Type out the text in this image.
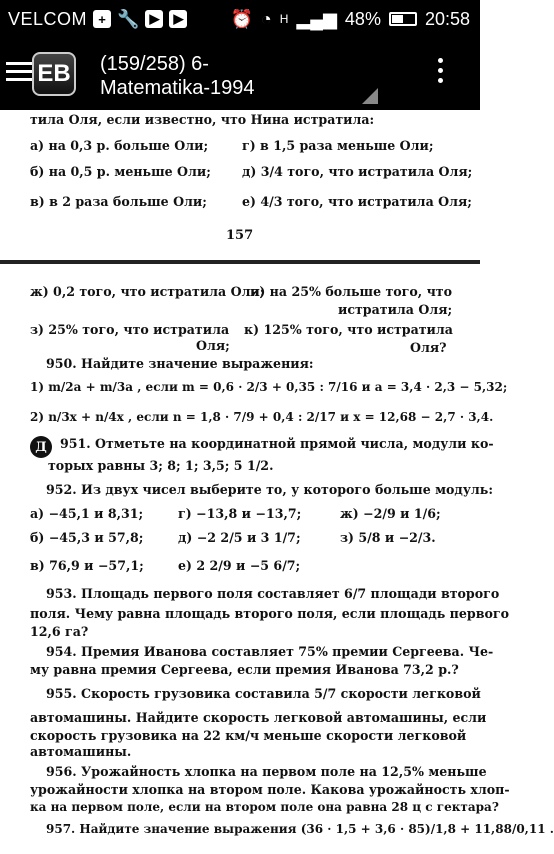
VELCOM + 🔧 ▶	▶	⏰ ◔ H ▂▄▆ 48% 20:58
ЕВ (159/258) 6-
Matematika-1994
тила Оля, если известно, что Нина истратила:
а) на 0,3 р. больше Оли;	г) в 1,5 раза меньше Оли;
б) на 0,5 р. меньше Оли; д) 3/4 того, что истратила Оля;
в) в 2 раза больше Оли;	е) 4/3 того, что истратила Оля;
157
ж) 0,2 того, что истратила Оля;
и) на 25% больше того, что
истратила Оля;
з) 25% того, что истратила
Оля;
к) 125% того, что истратила
Оля?
950. Найдите значение выражения:
1) m/2a + m/3a , если m = 0,6 · 2/3 + 0,35 : 7/16 и a = 3,4 · 2,3 − 5,32;
2) n/3x + n/4x , если n = 1,8 · 7/9 + 0,4 : 2/17 и x = 12,68 − 2,7 · 3,4.
Д	951. Отметьте на координатной прямой числа, модули ко-
торых равны 3; 8; 1; 3,5; 5 1/2.
952. Из двух чисел выберите то, у которого больше модуль:
а) −45,1 и 8,31;	г) −13,8 и −13,7;	ж) −2/9 и 1/6;
б) −45,3 и 57,8;	д) −2 2/5 и 3 1/7;	з) 5/8 и −2/3.
в) 76,9 и −57,1;	е) 2 2/9 и −5 6/7;
953. Площадь первого поля составляет 6/7 площади второго
поля. Чему равна площадь второго поля, если площадь первого
12,6 га?
954. Премия Иванова составляет 75% премии Сергеева. Че-
му равна премия Сергеева, если премия Иванова 73,2 р.?
955. Скорость грузовика составила 5/7 скорости легковой
автомашины. Найдите скорость легковой автомашины, если
скорость грузовика на 22 км/ч меньше скорости легковой
автомашины.
956. Урожайность хлопка на первом поле на 12,5% меньше
урожайности хлопка на втором поле. Какова урожайность хлоп-
ка на первом поле, если на втором поле она равна 28 ц с гектара?
957. Найдите значение выражения (36 · 1,5 + 3,6 · 85)/1,8 + 11,88/0,11 .
